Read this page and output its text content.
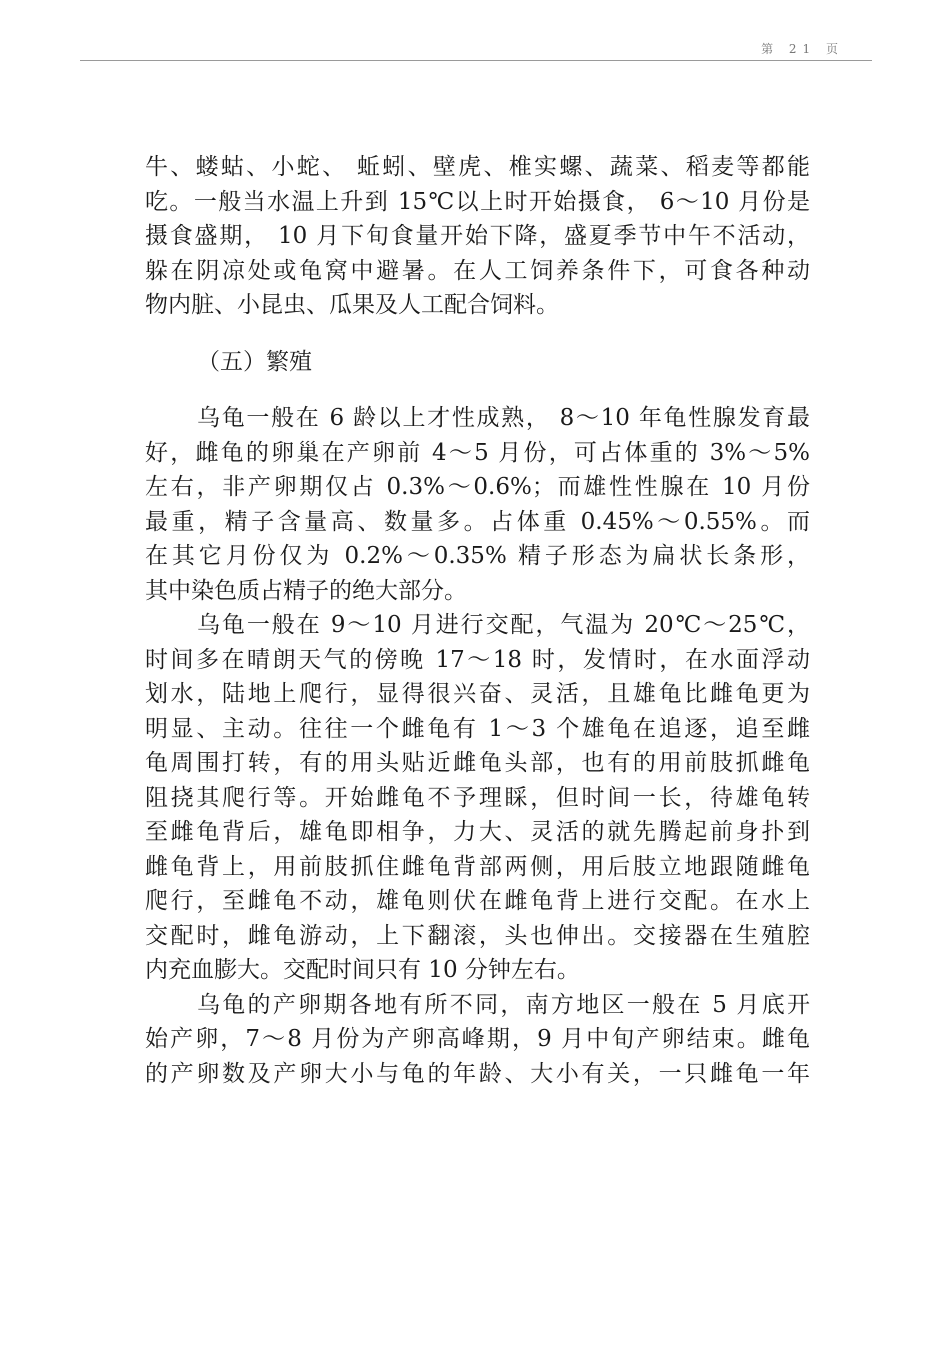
第 21 页
牛、蝼蛄、小蛇、 蚯蚓、壁虎、椎实螺、蔬菜、稻麦等都能
吃。一般当水温上升到 15℃以上时开始摄食， 6～10 月份是
摄食盛期， 10 月下旬食量开始下降，盛夏季节中午不活动，
躲在阴凉处或龟窝中避暑。在人工饲养条件下，可食各种动
物内脏、小昆虫、瓜果及人工配合饲料。
（五）繁殖
乌龟一般在 6 龄以上才性成熟， 8～10 年龟性腺发育最
好，雌龟的卵巢在产卵前 4～5 月份，可占体重的 3%～5%
左右，非产卵期仅占 0.3%～0.6%；而雄性性腺在 10 月份
最重，精子含量高、数量多。占体重 0.45%～0.55%。而
在其它月份仅为 0.2%～0.35% 精子形态为扁状长条形，
其中染色质占精子的绝大部分。
乌龟一般在 9～10 月进行交配，气温为 20℃～25℃，
时间多在晴朗天气的傍晚 17～18 时，发情时，在水面浮动
划水，陆地上爬行，显得很兴奋、灵活，且雄龟比雌龟更为
明显、主动。往往一个雌龟有 1～3 个雄龟在追逐，追至雌
龟周围打转，有的用头贴近雌龟头部，也有的用前肢抓雌龟
阻挠其爬行等。开始雌龟不予理睬，但时间一长，待雄龟转
至雌龟背后，雄龟即相争，力大、灵活的就先腾起前身扑到
雌龟背上，用前肢抓住雌龟背部两侧，用后肢立地跟随雌龟
爬行，至雌龟不动，雄龟则伏在雌龟背上进行交配。在水上
交配时，雌龟游动，上下翻滚，头也伸出。交接器在生殖腔
内充血膨大。交配时间只有 10 分钟左右。
乌龟的产卵期各地有所不同，南方地区一般在 5 月底开
始产卵，7～8 月份为产卵高峰期，9 月中旬产卵结束。雌龟
的产卵数及产卵大小与龟的年龄、大小有关，一只雌龟一年
